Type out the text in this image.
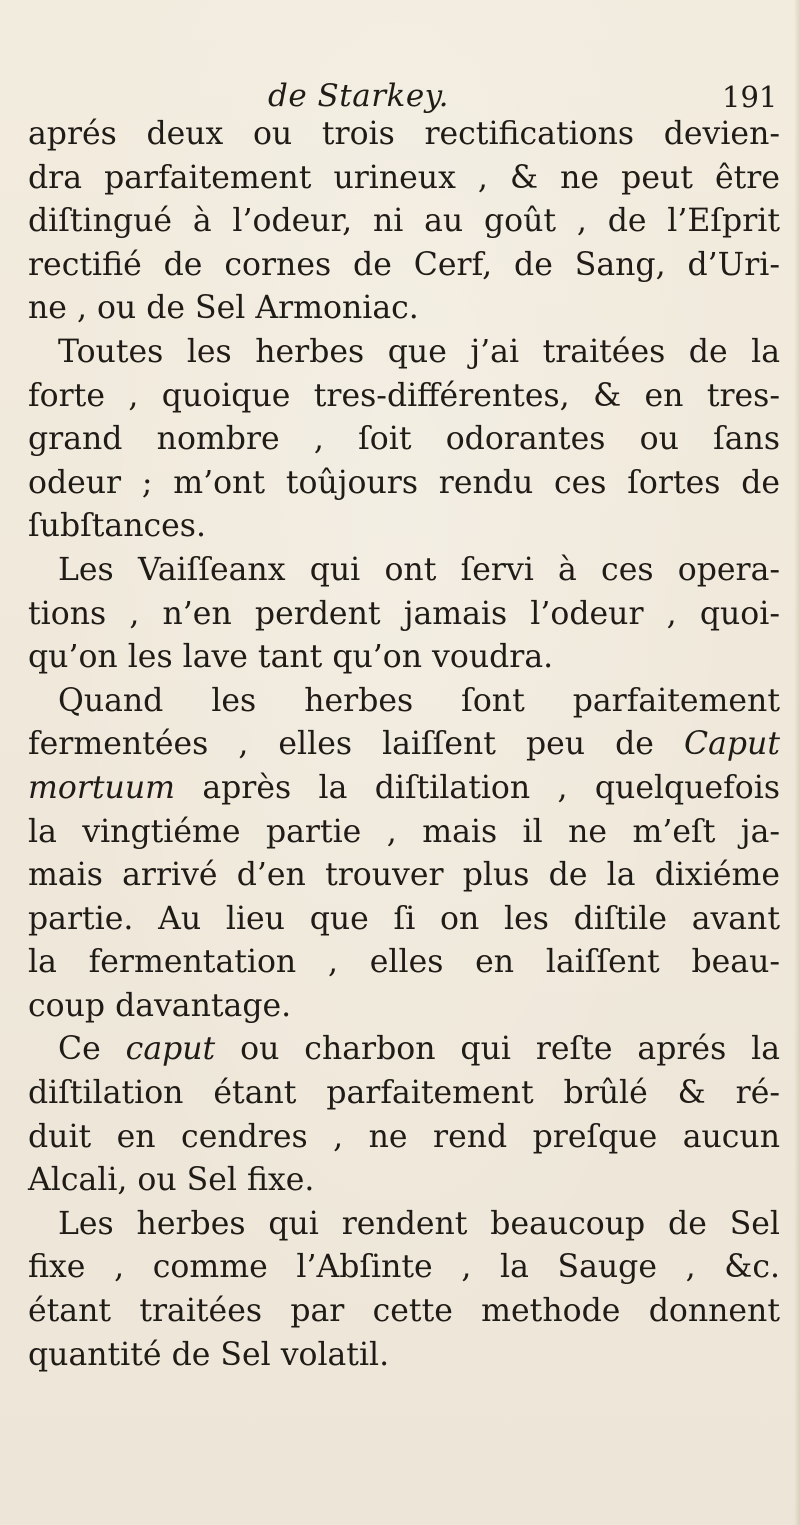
de Starkey.	191
aprés deux ou trois rectifications devien-
dra parfaitement urineux , & ne peut être
diſtingué à l’odeur, ni au goût , de l’Eſprit
rectifié de cornes de Cerf, de Sang, d’Uri-
ne , ou de Sel Armoniac.
Toutes les herbes que j’ai traitées de la
forte , quoique tres-différentes, & en tres-
grand nombre , ſoit odorantes ou ſans
odeur ; m’ont toûjours rendu ces ſortes de
ſubſtances.
Les Vaiſſeanx qui ont ſervi à ces opera-
tions , n’en perdent jamais l’odeur , quoi-
qu’on les lave tant qu’on voudra.
Quand les herbes ſont parfaitement
fermentées , elles laiſſent peu de Caput
mortuum après la diſtilation , quelquefois
la vingtiéme partie , mais il ne m’eſt ja-
mais arrivé d’en trouver plus de la dixiéme
partie. Au lieu que ſi on les diſtile avant
la fermentation , elles en laiſſent beau-
coup davantage.
Ce caput ou charbon qui reſte aprés la
diſtilation étant parfaitement brûlé & ré-
duit en cendres , ne rend preſque aucun
Alcali, ou Sel fixe.
Les herbes qui rendent beaucoup de Sel
fixe , comme l’Abſinte , la Sauge , &c.
étant traitées par cette methode donnent
quantité de Sel volatil.
